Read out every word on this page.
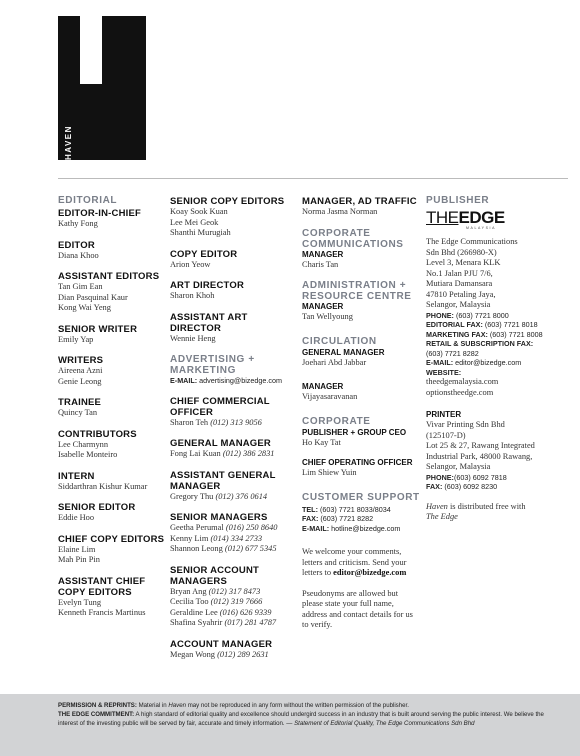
HAVEN
EDITORIAL
EDITOR-IN-CHIEF
Kathy Fong
EDITOR
Diana Khoo
ASSISTANT EDITORS
Tan Gim Ean
Dian Pasquinal Kaur
Kong Wai Yeng
SENIOR WRITER
Emily Yap
WRITERS
Aireena Azni
Genie Leong
TRAINEE
Quincy Tan
CONTRIBUTORS
Lee Charmynn
Isabelle Monteiro
INTERN
Siddarthran Kishur Kumar
SENIOR EDITOR
Eddie Hoo
CHIEF COPY EDITORS
Elaine Lim
Mah Pin Pin
ASSISTANT CHIEF COPY EDITORS
Evelyn Tung
Kenneth Francis Martinus
SENIOR COPY EDITORS
Koay Sook Kuan
Lee Mei Geok
Shanthi Murugiah
COPY EDITOR
Arion Yeow
ART DIRECTOR
Sharon Khoh
ASSISTANT ART DIRECTOR
Wennie Heng
ADVERTISING + MARKETING
E-MAIL: advertising@bizedge.com
CHIEF COMMERCIAL OFFICER
Sharon Teh (012) 313 9056
GENERAL MANAGER
Fong Lai Kuan (012) 386 2831
ASSISTANT GENERAL MANAGER
Gregory Thu (012) 376 0614
SENIOR MANAGERS
Geetha Perumal (016) 250 8640
Kenny Lim (014) 334 2733
Shannon Leong (012) 677 5345
SENIOR ACCOUNT MANAGERS
Bryan Ang (012) 317 8473
Cecilia Too (012) 319 7666
Geraldine Lee (016) 626 9339
Shafina Syahrir (017) 281 4787
ACCOUNT MANAGER
Megan Wong (012) 289 2631
MANAGER, AD TRAFFIC
Norma Jasma Norman
CORPORATE COMMUNICATIONS
MANAGER
Charis Tan
ADMINISTRATION + RESOURCE CENTRE
MANAGER
Tan Wellyoung
CIRCULATION
GENERAL MANAGER
Joehari Abd Jabbar
MANAGER
Vijayasaravanan
CORPORATE
PUBLISHER + GROUP CEO
Ho Kay Tat
CHIEF OPERATING OFFICER
Lim Shiew Yuin
CUSTOMER SUPPORT
TEL: (603) 7721 8033/8034
FAX: (603) 7721 8282
E-MAIL: hotline@bizedge.com
We welcome your comments, letters and criticism. Send your letters to editor@bizedge.com
Pseudonyms are allowed but please state your full name, address and contact details for us to verify.
PUBLISHER
THEEDGE
MALAYSIA
The Edge Communications
Sdn Bhd (266980-X)
Level 3, Menara KLK
No.1 Jalan PJU 7/6,
Mutiara Damansara
47810 Petaling Jaya,
Selangor, Malaysia
PHONE: (603) 7721 8000
EDITORIAL FAX: (603) 7721 8018
MARKETING FAX: (603) 7721 8008
RETAIL & SUBSCRIPTION FAX:
(603) 7721 8282
E-MAIL: editor@bizedge.com
WEBSITE:
theedgemalaysia.com
optionstheedge.com
PRINTER
Vivar Printing Sdn Bhd
(125107-D)
Lot 25 & 27, Rawang Integrated
Industrial Park, 48000 Rawang,
Selangor, Malaysia
PHONE:(603) 6092 7818
FAX: (603) 6092 8230
Haven is distributed free with
The Edge
PERMISSION & REPRINTS: Material in Haven may not be reproduced in any form without the written permission of the publisher.
THE EDGE COMMITMENT: A high standard of editorial quality and excellence should undergird success in an industry that is built around serving the public interest. We believe the interest of the investing public will be served by fair, accurate and timely information. — Statement of Editorial Quality, The Edge Communications Sdn Bhd
